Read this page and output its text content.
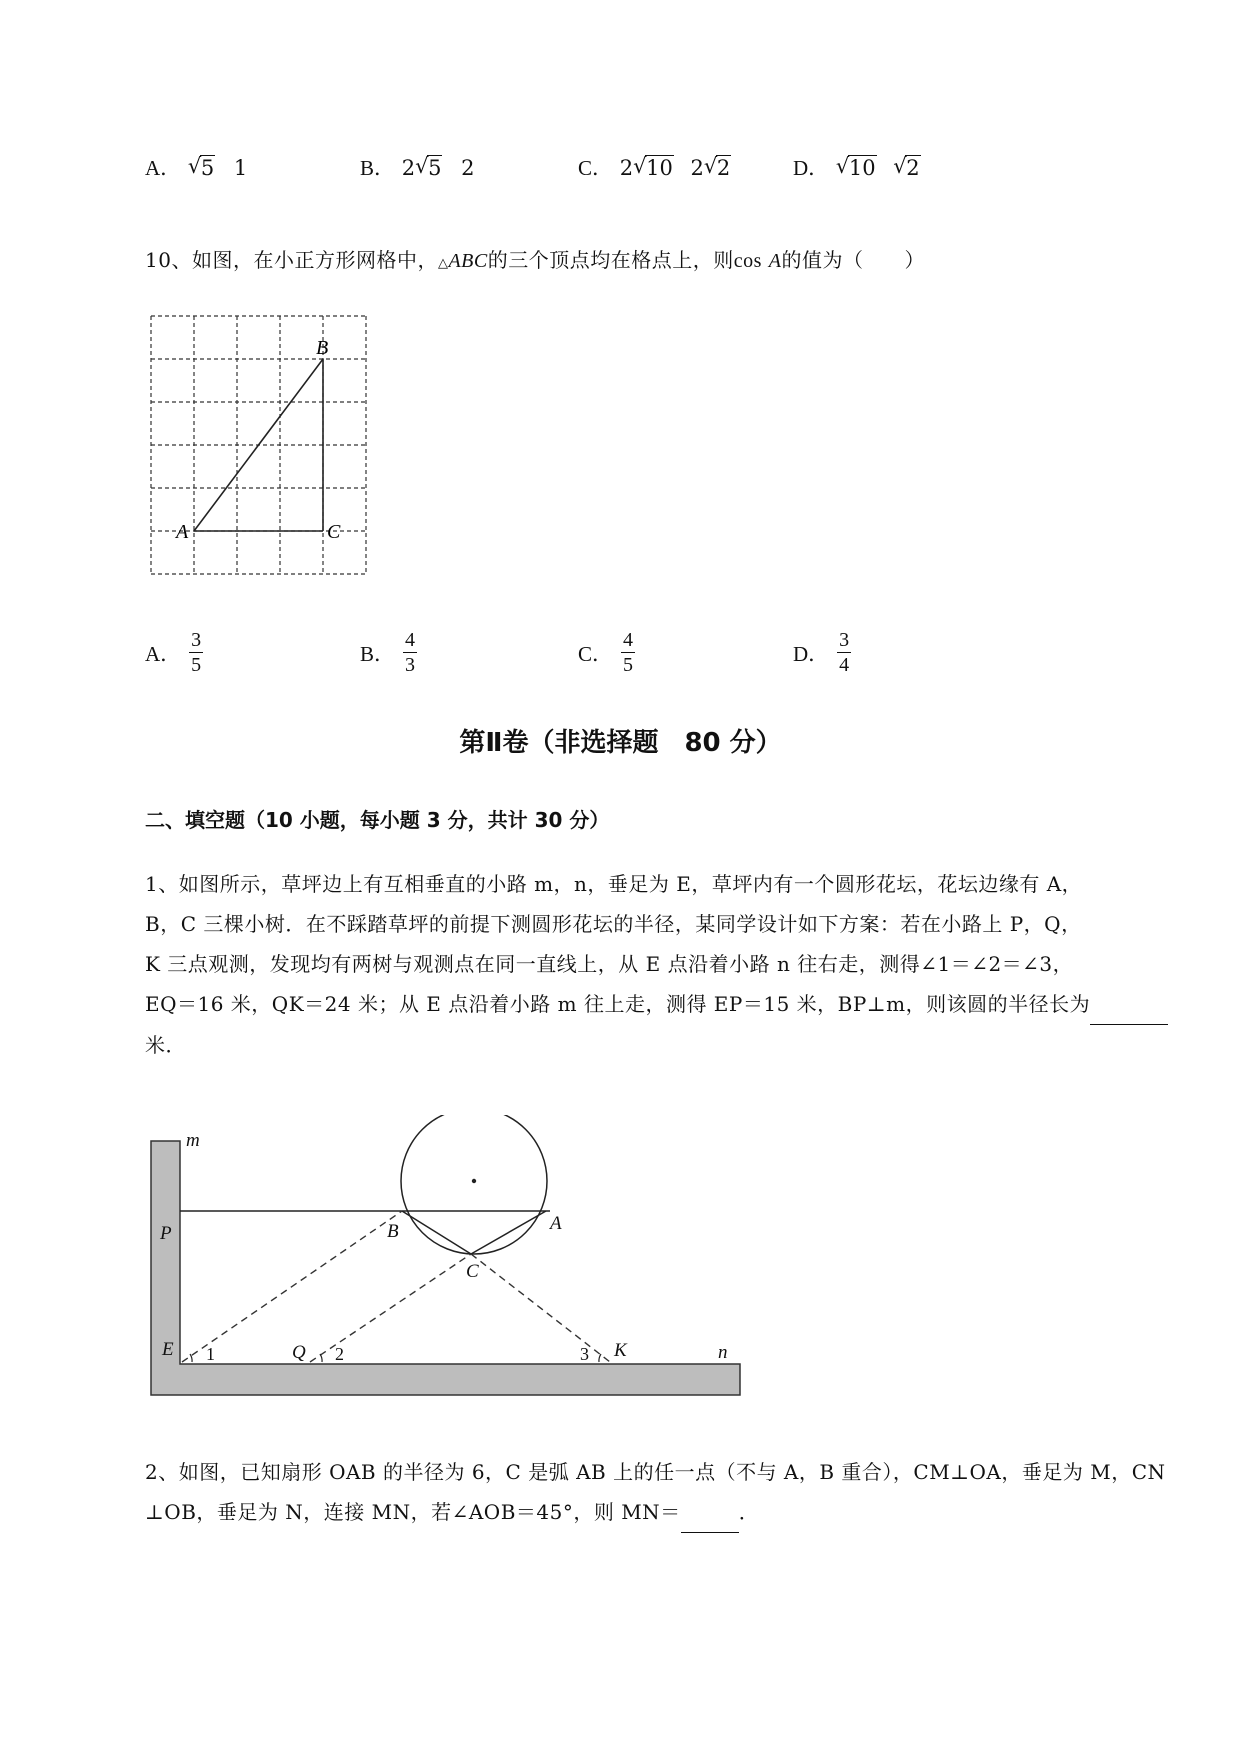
A． √ 5 1	B． 2 √ 5 2	C． 2 √ 10 2 √ 2	D． √ 10 √ 2
10、如图，在小正方形网格中，△ABC的三个顶点均在格点上，则cos A的值为（　　）
B
A	C
A． $\frac{3}{5}$	B． $\frac{4}{3}$	C． $\frac{4}{5}$	D． $\frac{3}{4}$
第Ⅱ卷（非选择题　80 分）
二、填空题（10 小题，每小题 3 分，共计 30 分）
1、如图所示，草坪边上有互相垂直的小路 m，n，垂足为 E，草坪内有一个圆形花坛，花坛边缘有 A，
B，C 三棵小树．在不踩踏草坪的前提下测圆形花坛的半径，某同学设计如下方案：若在小路上 P，Q，
K 三点观测，发现均有两树与观测点在同一直线上，从 E 点沿着小路 n 往右走，测得∠1＝∠2＝∠3，
EQ＝16 米，QK＝24 米；从 E 点沿着小路 m 往上走，测得 EP＝15 米，BP⊥m，则该圆的半径长为
米．
m
P	B	A
C
E	Q	K	n
1	2	3
2、如图，已知扇形 OAB 的半径为 6，C 是弧 AB 上的任一点（不与 A，B 重合），CM⊥OA，垂足为 M，CN
⊥OB，垂足为 N，连接 MN，若∠AOB＝45°，则 MN＝	．
